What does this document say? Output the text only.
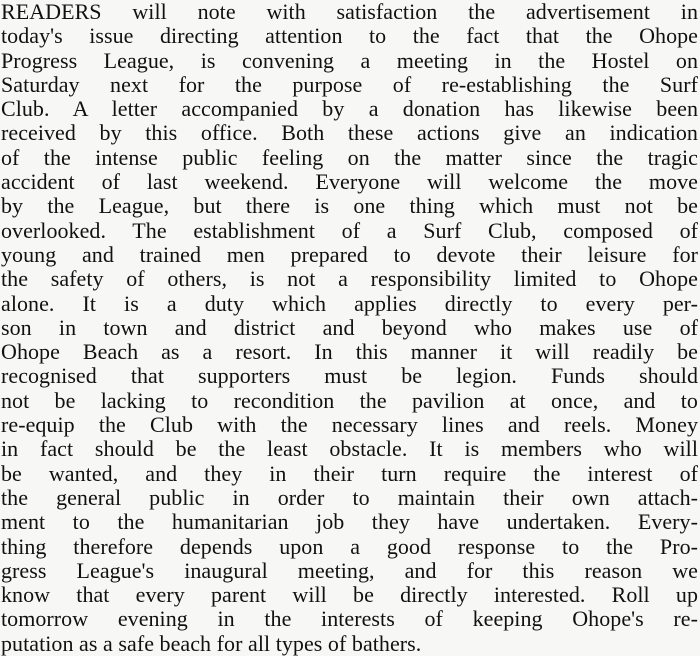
READERS will note with satisfaction the advertisement in
today's issue directing attention to the fact that the Ohope
Progress League, is convening a meeting in the Hostel on
Saturday next for the purpose of re-establishing the Surf
Club. A letter accompanied by a donation has likewise been
received by this office. Both these actions give an indication
of the intense public feeling on the matter since the tragic
accident of last weekend. Everyone will welcome the move
by the League, but there is one thing which must not be
overlooked. The establishment of a Surf Club, composed of
young and trained men prepared to devote their leisure for
the safety of others, is not a responsibility limited to Ohope
alone. It is a duty which applies directly to every per-
son in town and district and beyond who makes use of
Ohope Beach as a resort. In this manner it will readily be
recognised that supporters must be legion. Funds should
not be lacking to recondition the pavilion at once, and to
re-equip the Club with the necessary lines and reels. Money
in fact should be the least obstacle. It is members who will
be wanted, and they in their turn require the interest of
the general public in order to maintain their own attach-
ment to the humanitarian job they have undertaken. Every-
thing therefore depends upon a good response to the Pro-
gress League's inaugural meeting, and for this reason we
know that every parent will be directly interested. Roll up
tomorrow evening in the interests of keeping Ohope's re-
putation as a safe beach for all types of bathers.
